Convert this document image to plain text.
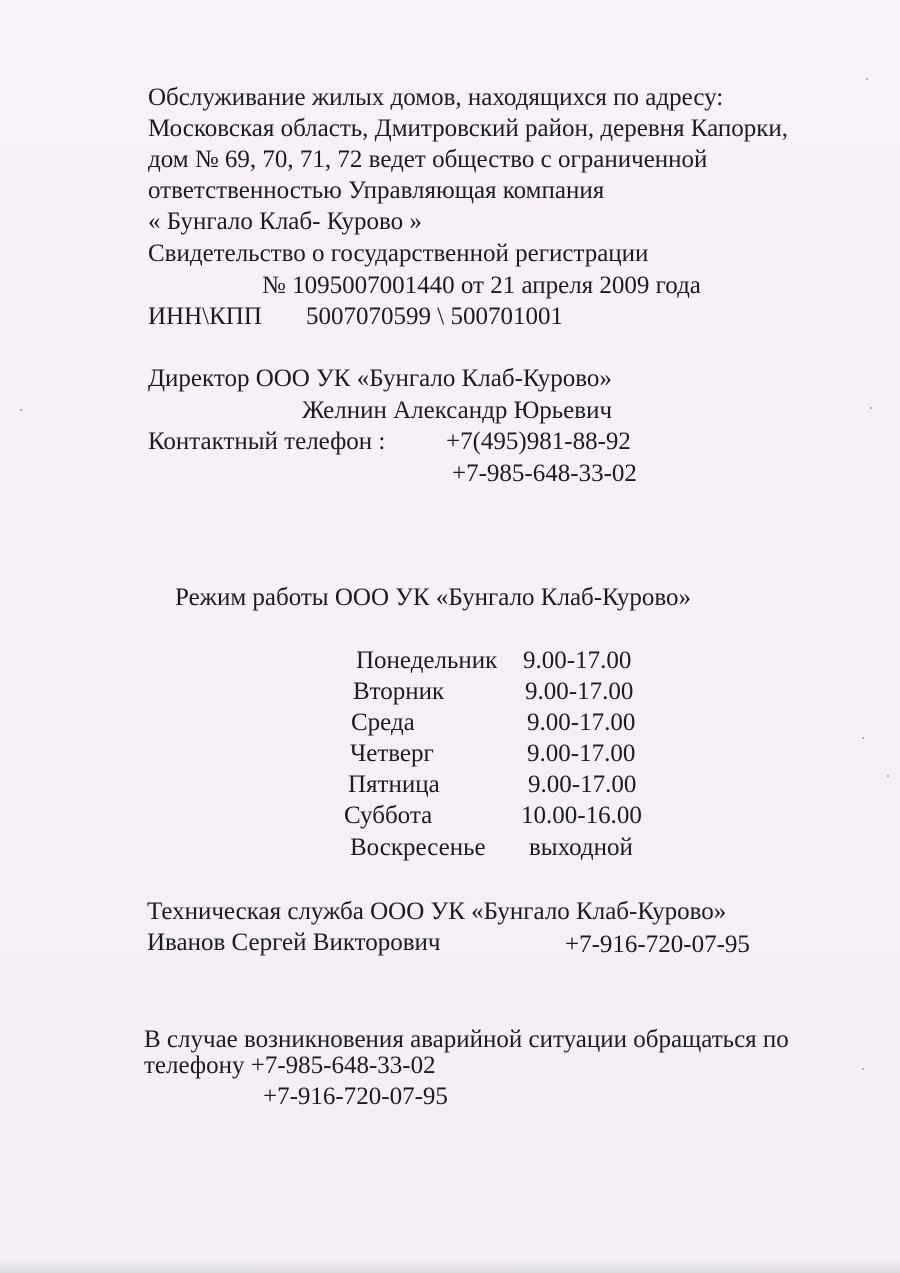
Обслуживание жилых домов, находящихся по адресу:
Московская область, Дмитровский район, деревня Капорки,
дом № 69, 70, 71, 72 ведет общество с ограниченной
ответственностью Управляющая компания
« Бунгало Клаб- Курово »
Свидетельство о государственной регистрации
№ 1095007001440 от 21 апреля 2009 года
ИНН\КПП 5007070599 \ 500701001
Директор ООО УК «Бунгало Клаб-Курово»
Желнин Александр Юрьевич
Контактный телефон : +7(495)981-88-92
+7-985-648-33-02
Режим работы ООО УК «Бунгало Клаб-Курово»
Понедельник 9.00-17.00
Вторник	9.00-17.00
Среда	9.00-17.00
Четверг	9.00-17.00
Пятница	9.00-17.00
Суббота	10.00-16.00
Воскресенье выходной
Техническая служба ООО УК «Бунгало Клаб-Курово»
Иванов Сергей Викторович	+7-916-720-07-95
В случае возникновения аварийной ситуации обращаться по
телефону +7-985-648-33-02
+7-916-720-07-95
